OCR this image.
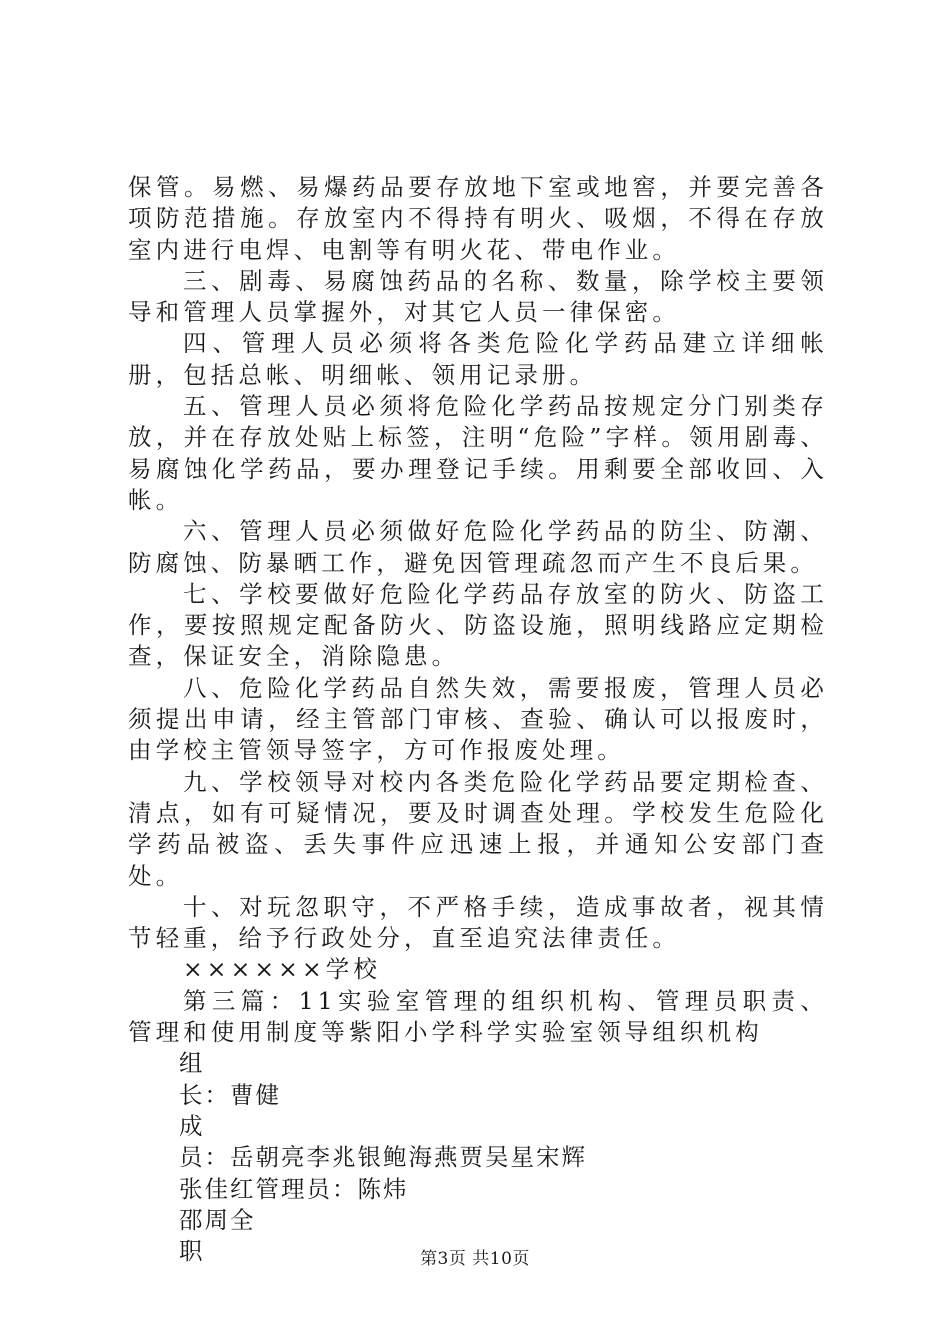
保管。易燃、易爆药品要存放地下室或地窖，并要完善各项防范措施。存放室内不得持有明火、吸烟，不得在存放室内进行电焊、电割等有明火花、带电作业。

三、剧毒、易腐蚀药品的名称、数量，除学校主要领导和管理人员掌握外，对其它人员一律保密。

四、管理人员必须将各类危险化学药品建立详细帐册，包括总帐、明细帐、领用记录册。

五、管理人员必须将危险化学药品按规定分门别类存放，并在存放处贴上标签，注明“危险”字样。领用剧毒、易腐蚀化学药品，要办理登记手续。用剩要全部收回、入帐。

六、管理人员必须做好危险化学药品的防尘、防潮、防腐蚀、防暴晒工作，避免因管理疏忽而产生不良后果。

七、学校要做好危险化学药品存放室的防火、防盗工作，要按照规定配备防火、防盗设施，照明线路应定期检查，保证安全，消除隐患。

八、危险化学药品自然失效，需要报废，管理人员必须提出申请，经主管部门审核、查验、确认可以报废时，由学校主管领导签字，方可作报废处理。

九、学校领导对校内各类危险化学药品要定期检查、清点，如有可疑情况，要及时调查处理。学校发生危险化学药品被盗、丢失事件应迅速上报，并通知公安部门查处。

十、对玩忽职守，不严格手续，造成事故者，视其情节轻重，给予行政处分，直至追究法律责任。

××××××学校

第三篇：11实验室管理的组织机构、管理员职责、管理和使用制度等紫阳小学科学实验室领导组织机构

组

长：曹健

成

员：岳朝亮李兆银鲍海燕贾吴星宋辉

张佳红管理员：陈炜

邵周全

职	第3页 共10页
